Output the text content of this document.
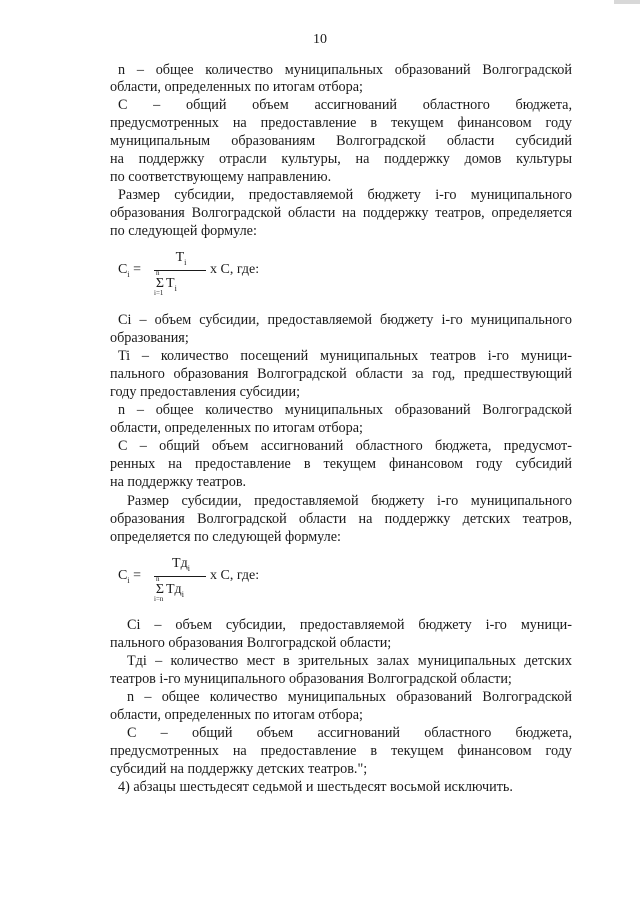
10
n – общее количество муниципальных образований Волгоградской
области, определенных по итогам отбора;
C – общий объем ассигнований областного бюджета,
предусмотренных на предоставление в текущем финансовом году
муниципальным образованиям Волгоградской области субсидий
на поддержку отрасли культуры, на поддержку домов культуры
по соответствующему направлению.
Размер субсидии, предоставляемой бюджету i-го муниципального
образования Волгоградской области на поддержку театров, определяется
по следующей формуле:
$C_i$ =
$T_i$
n
Σ
i=1
$T_i$
x C, где:
Ci – объем субсидии, предоставляемой бюджету i-го муниципального
образования;
Ti – количество посещений муниципальных театров i-го муници-
пального образования Волгоградской области за год, предшествующий
году предоставления субсидии;
n – общее количество муниципальных образований Волгоградской
области, определенных по итогам отбора;
C – общий объем ассигнований областного бюджета, предусмот-
ренных на предоставление в текущем финансовом году субсидий
на поддержку театров.
Размер субсидии, предоставляемой бюджету i-го муниципального
образования Волгоградской области на поддержку детских театров,
определяется по следующей формуле:
$C_i$ =
$Тд_i$
n
Σ
i=n
$Тд_i$
x C, где:
Ci – объем субсидии, предоставляемой бюджету i-го муници-
пального образования Волгоградской области;
Тдi – количество мест в зрительных залах муниципальных детских
театров i-го муниципального образования Волгоградской области;
n – общее количество муниципальных образований Волгоградской
области, определенных по итогам отбора;
C – общий объем ассигнований областного бюджета,
предусмотренных на предоставление в текущем финансовом году
субсидий на поддержку детских театров.";
4) абзацы шестьдесят седьмой и шестьдесят восьмой исключить.
